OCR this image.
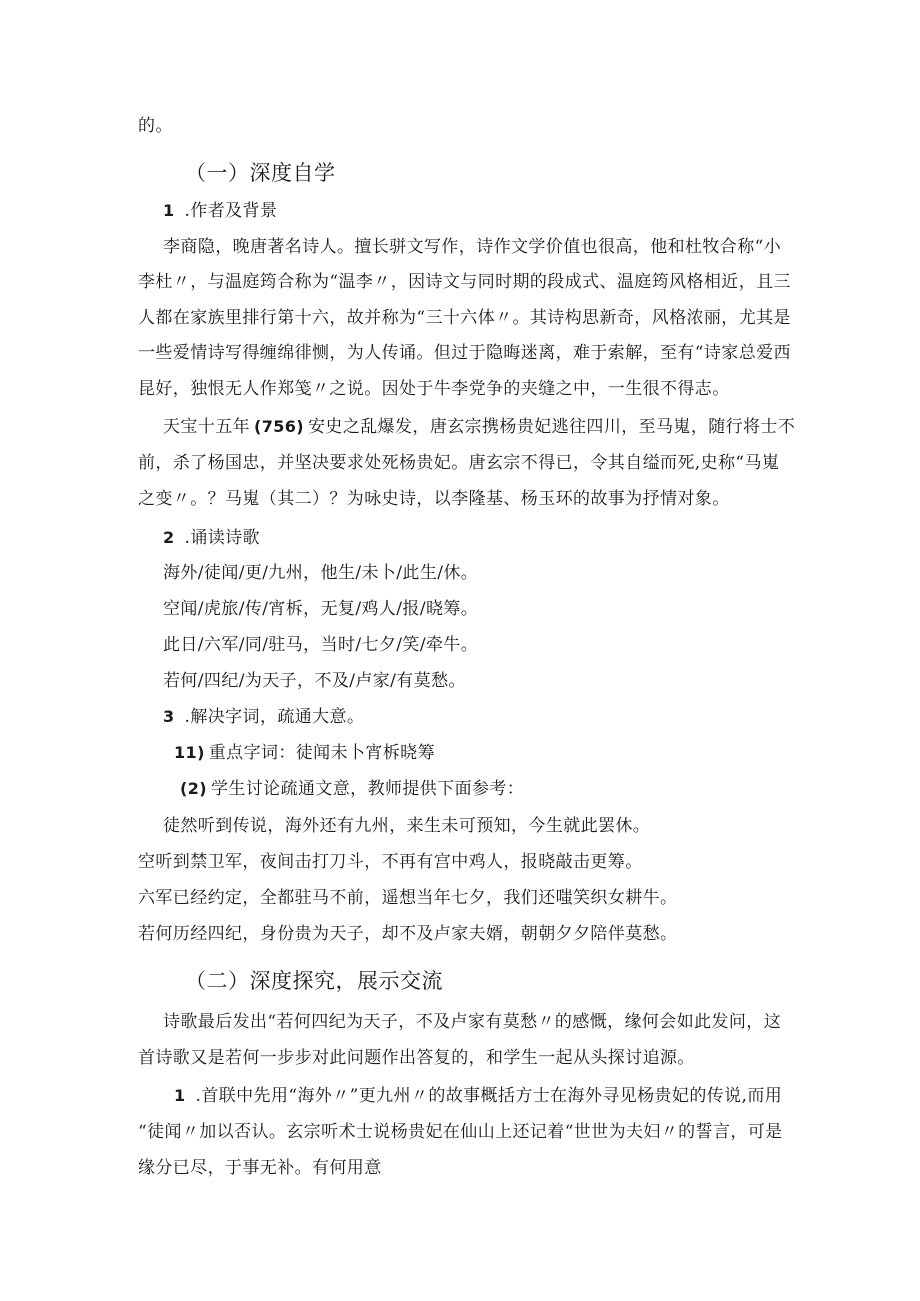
的。
（一）深度自学
1 .作者及背景
李商隐，晚唐著名诗人。擅长骈文写作，诗作文学价值也很高，他和杜牧合称“小
李杜〃，与温庭筠合称为“温李〃，因诗文与同时期的段成式、温庭筠风格相近，且三
人都在家族里排行第十六，故并称为“三十六体〃。其诗构思新奇，风格浓丽，尤其是
一些爱情诗写得缠绵徘恻，为人传诵。但过于隐晦迷离，难于索解，至有“诗家总爱西
昆好，独恨无人作郑笺〃之说。因处于牛李党争的夹缝之中，一生很不得志。
天宝十五年 (756) 安史之乱爆发，唐玄宗携杨贵妃逃往四川，至马嵬，随行将士不
前，杀了杨国忠，并坚决要求处死杨贵妃。唐玄宗不得已，令其自缢而死,史称“马嵬
之变〃。？马嵬（其二）？为咏史诗，以李隆基、杨玉环的故事为抒情对象。
2 .诵读诗歌
海外/徒闻/更/九州，他生/未卜/此生/休。
空闻/虎旅/传/宵柝，无复/鸡人/报/晓筹。
此日/六军/同/驻马，当时/七夕/笑/牵牛。
若何/四纪/为天子，不及/卢家/有莫愁。
3 .解决字词，疏通大意。
11) 重点字词：徒闻未卜宵柝晓筹
(2) 学生讨论疏通文意，教师提供下面参考：
徒然听到传说，海外还有九州，来生未可预知，今生就此罢休。
空听到禁卫军，夜间击打刀斗，不再有宫中鸡人，报晓敲击更筹。
六军已经约定，全都驻马不前，遥想当年七夕，我们还嗤笑织女耕牛。
若何历经四纪，身份贵为天子，却不及卢家夫婿，朝朝夕夕陪伴莫愁。
（二）深度探究，展示交流
诗歌最后发出“若何四纪为天子，不及卢家有莫愁〃的感慨，缘何会如此发问，这
首诗歌又是若何一步步对此问题作出答复的，和学生一起从头探讨追源。
1 .首联中先用“海外〃”更九州〃的故事概括方士在海外寻见杨贵妃的传说,而用
“徒闻〃加以否认。玄宗听术士说杨贵妃在仙山上还记着“世世为夫妇〃的誓言，可是
缘分已尽，于事无补。有何用意
